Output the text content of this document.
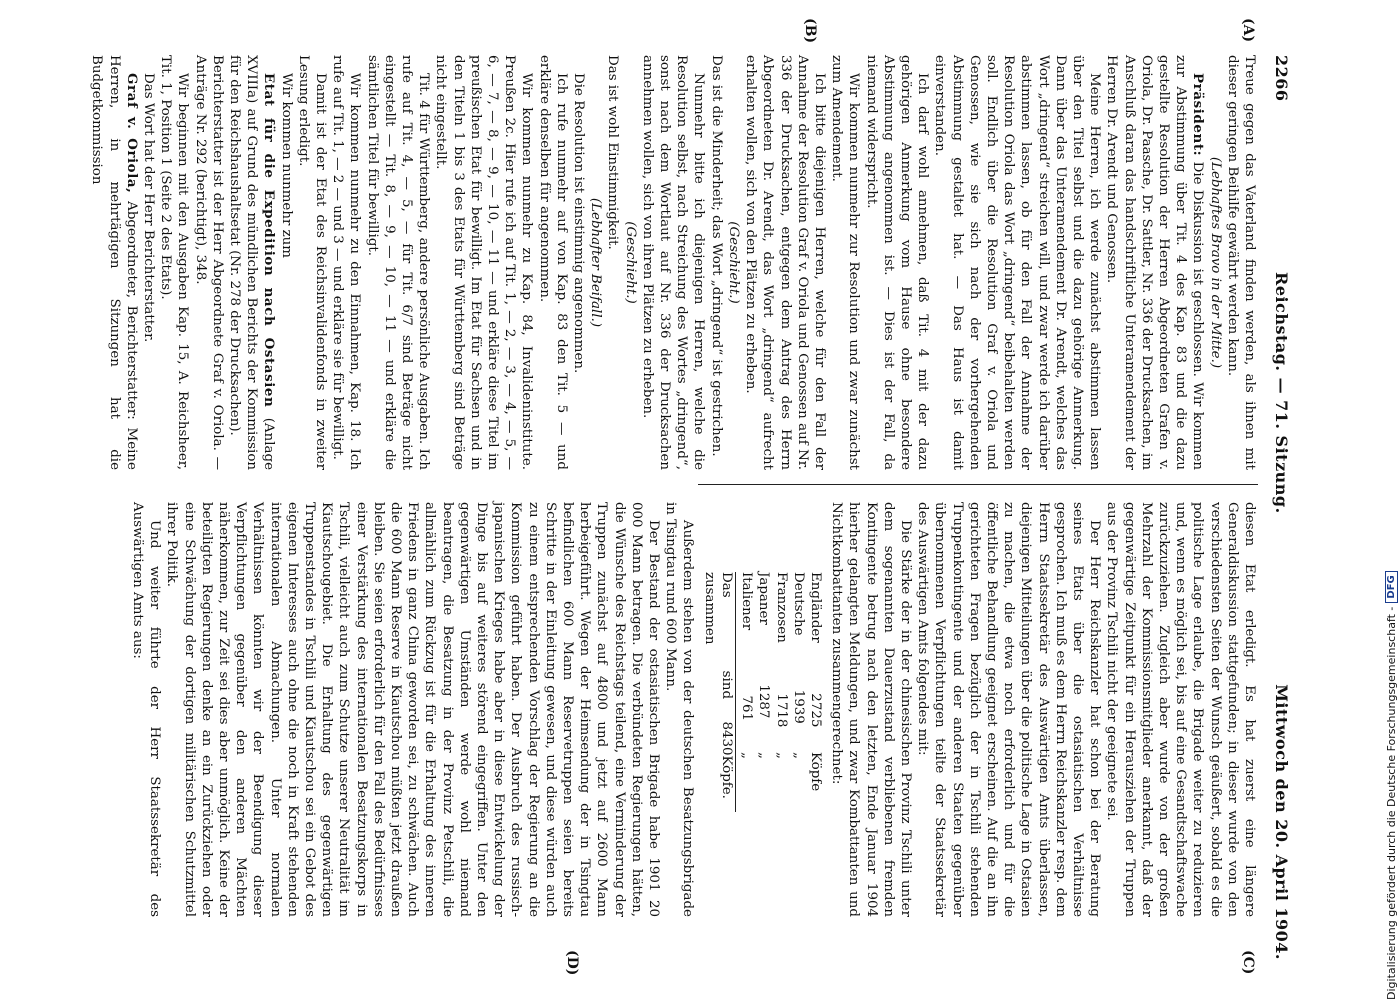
2266
Reichstag. — 71. Sitzung.
Mittwoch den 20. April 1904.
(A)
(B)
(C)
(D)

Treue gegen das Vaterland finden werden, als ihnen mit dieser geringen Beihilfe gewährt werden kann.

(Lebhaftes Bravo in der Mitte.)

Präsident: Die Diskussion ist geschlossen. Wir kommen zur Abstimmung über Tit. 4 des Kap. 83 und die dazu gestellte Resolution der Herren Abgeordneten Grafen v. Oriola, Dr. Paasche, Dr. Sattler, Nr. 336 der Drucksachen, im Anschluß daran das handschriftliche Unteramendement der Herren Dr. Arendt und Genossen.

Meine Herren, ich werde zunächst abstimmen lassen über den Titel selbst und die dazu gehörige Anmerkung. Dann über das Unteramendement Dr. Arendt, welches das Wort „dringend“ streichen will, und zwar werde ich darüber abstimmen lassen, ob für den Fall der Annahme der Resolution Oriola das Wort „dringend“ beibehalten werden soll. Endlich über die Resolution Graf v. Oriola und Genossen, wie sie sich nach der vorhergehenden Abstimmung gestaltet hat. — Das Haus ist damit einverstanden.

Ich darf wohl annehmen, daß Tit. 4 mit der dazu gehörigen Anmerkung vom Hause ohne besondere Abstimmung angenommen ist. — Dies ist der Fall, da niemand widerspricht.

Wir kommen nunmehr zur Resolution und zwar zunächst zum Amendement.

Ich bitte diejenigen Herren, welche für den Fall der Annahme der Resolution Graf v. Oriola und Genossen auf Nr. 336 der Drucksachen, entgegen dem Antrag des Herrn Abgeordneten Dr. Arendt, das Wort „dringend“ aufrecht erhalten wollen, sich von den Plätzen zu erheben.

(Geschieht.)

Das ist die Minderheit; das Wort „dringend“ ist gestrichen.

Nunmehr bitte ich diejenigen Herren, welche die Resolution selbst, nach Streichung des Wortes „dringend“, sonst nach dem Wortlaut auf Nr. 336 der Drucksachen annehmen wollen, sich von ihren Plätzen zu erheben.

(Geschieht.)

Das ist wohl Einstimmigkeit.

(Lebhafter Beifall.)

Die Resolution ist einstimmig angenommen.

Ich rufe nunmehr auf von Kap. 83 den Tit. 5 — und erkläre denselben für angenommen.

Wir kommen nunmehr zu Kap. 84, Invalideninstitute. Preußen 2c. Hier rufe ich auf Tit. 1, — 2, — 3, — 4, — 5, — 6, — 7, — 8, — 9, — 10, — 11 — und erkläre diese Titel im preußischen Etat für bewilligt. Im Etat für Sachsen und in den Titeln 1 bis 3 des Etats für Württemberg sind Beträge nicht eingestellt.

Tit. 4 für Württemberg, andere persönliche Ausgaben. Ich rufe auf Tit. 4, — 5, — für Tit. 6/7 sind Beträge nicht eingestellt — Tit. 8, — 9, — 10, — 11 — und erkläre die sämtlichen Titel für bewilligt.

Wir kommen nunmehr zu den Einnahmen, Kap. 18. Ich rufe auf Tit. 1, — 2 — und 3 — und erkläre sie für bewilligt.

Damit ist der Etat des Reichsinvalidenfonds in zweiter Lesung erledigt.

Wir kommen nunmehr zum

Etat für die Expedition nach Ostasien (Anlage XVIIIa) auf Grund des mündlichen Berichts der Kommission für den Reichshaushaltsetat (Nr. 278 der Drucksachen).

Berichterstatter ist der Herr Abgeordnete Graf v. Oriola. — Anträge Nr. 292 (berichtigt), 348.

Wir beginnen mit den Ausgaben Kap. 15, A. Reichsheer, Tit. 1, Position 1 (Seite 2 des Etats).

Das Wort hat der Herr Berichterstatter.

Graf v. Oriola, Abgeordneter, Berichterstatter: Meine Herren, in mehrtägigen Sitzungen hat die Budgetkommission

diesen Etat erledigt. Es hat zuerst eine längere Generaldiskussion stattgefunden; in dieser wurde von den verschiedensten Seiten der Wunsch geäußert, sobald es die politische Lage erlaube, die Brigade weiter zu reduzieren und, wenn es möglich sei, bis auf eine Gesandtschaftswache zurückzuziehen. Zugleich aber wurde von der großen Mehrzahl der Kommissionsmitglieder anerkannt, daß der gegenwärtige Zeitpunkt für ein Herausziehen der Truppen aus der Provinz Tschili nicht der geeignete sei.

Der Herr Reichskanzler hat schon bei der Beratung seines Etats über die ostasiatischen Verhältnisse gesprochen. Ich muß es dem Herrn Reichskanzler resp. dem Herrn Staatssekretär des Auswärtigen Amts überlassen, diejenigen Mitteilungen über die politische Lage in Ostasien zu machen, die etwa noch erforderlich und für die öffentliche Behandlung geeignet erscheinen. Auf die an ihn gerichteten Fragen bezüglich der in Tschili stehenden Truppenkontingente und der anderen Staaten gegenüber übernommenen Verpflichtungen teilte der Staatssekretär des Auswärtigen Amts folgendes mit:

Die Stärke der in der chinesischen Provinz Tschili unter dem sogenannten Dauerzustand verbliebenen fremden Kontingente betrug nach den letzten, Ende Januar 1904 hierher gelangten Meldungen, und zwar Kombattanten und Nichtkombattanten zusammengerechnet:

Engländer
2725
Köpfe
Deutsche
1939
„
Franzosen
1718
„
Japaner
1287
„
Italiener
761
„
Das sind zusammen
8430
Köpfe.

Außerdem stehen von der deutschen Besatzungsbrigade in Tsingtau rund 600 Mann.

Der Bestand der ostasiatischen Brigade habe 1901 20 000 Mann betragen. Die verbündeten Regierungen hätten, die Wünsche des Reichstags teilend, eine Verminderung der Truppen zunächst auf 4800 und jetzt auf 2600 Mann herbeigeführt. Wegen der Heimsendung der in Tsingtau befindlichen 600 Mann Reservetruppen seien bereits Schritte in der Einleitung gewesen, und diese würden auch zu einem entsprechenden Vorschlag der Regierung an die Kommission geführt haben. Der Ausbruch des russisch-japanischen Krieges habe aber in diese Entwickelung der Dinge bis auf weiteres störend eingegriffen. Unter den gegenwärtigen Umständen werde wohl niemand beantragen, die Besatzung in der Provinz Petschili, die allmählich zum Rückzug ist für die Erhaltung des inneren Friedens in ganz China geworden sei, zu schwächen. Auch die 600 Mann Reserve in Kiautschou müßten jetzt draußen bleiben. Sie seien erforderlich für den Fall des Bedürfnisses einer Verstärkung des internationalen Besatzungskorps in Tschili, vielleicht auch zum Schutze unserer Neutralität im Kiautschougebiet. Die Erhaltung des gegenwärtigen Truppenstandes in Tschili und Kiautschou sei ein Gebot des eigenen Interesses auch ohne die noch in Kraft stehenden internationalen Abmachungen. Unter normalen Verhältnissen könnten wir der Beendigung dieser Verpflichtungen gegenüber den anderen Mächten näherkommen, zur Zeit sei dies aber unmöglich. Keine der beteiligten Regierungen denke an ein Zurückziehen oder eine Schwächung der dortigen militärischen Schutzmittel ihrer Politik.

Und weiter führte der Herr Staatssekretär des Auswärtigen Amts aus:

Digitalisierung gefördert durch die Deutsche Forschungsgemeinschaft -
DFG
